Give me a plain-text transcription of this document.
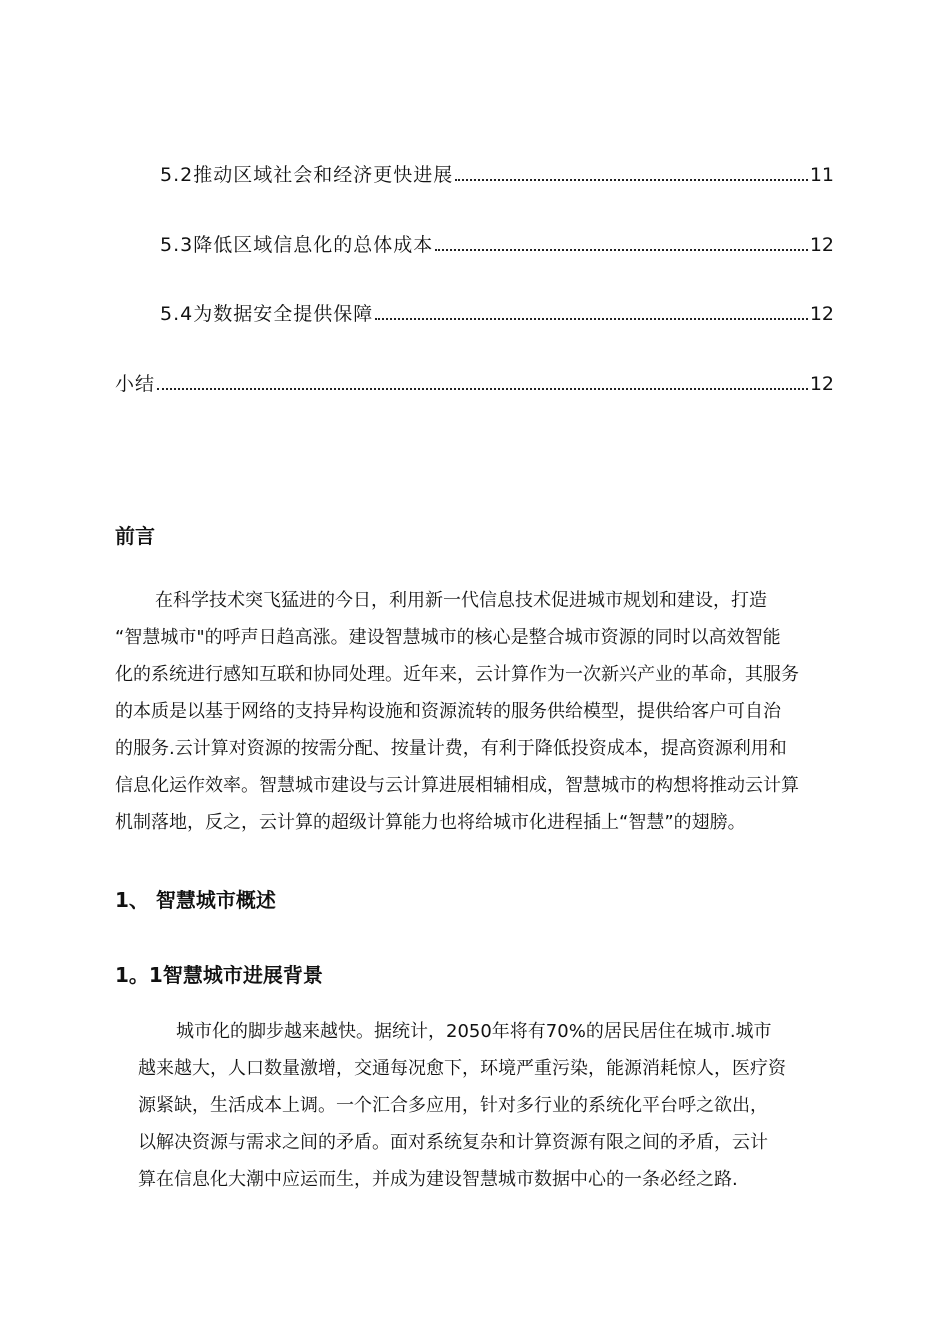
5.2推动区域社会和经济更快进展	11
5.3降低区域信息化的总体成本	12
5.4为数据安全提供保障	12
小结	12
前言
在科学技术突飞猛进的今日，利用新一代信息技术促进城市规划和建设，打造
“智慧城市"的呼声日趋高涨。建设智慧城市的核心是整合城市资源的同时以高效智能
化的系统进行感知互联和协同处理。近年来，云计算作为一次新兴产业的革命，其服务
的本质是以基于网络的支持异构设施和资源流转的服务供给模型，提供给客户可自治
的服务.云计算对资源的按需分配、按量计费，有利于降低投资成本，提高资源利用和
信息化运作效率。智慧城市建设与云计算进展相辅相成，智慧城市的构想将推动云计算
机制落地，反之，云计算的超级计算能力也将给城市化进程插上“智慧”的翅膀。
1、 智慧城市概述
1。1智慧城市进展背景
城市化的脚步越来越快。据统计，2050年将有70%的居民居住在城市.城市
越来越大，人口数量激增，交通每况愈下，环境严重污染，能源消耗惊人，医疗资
源紧缺，生活成本上调。一个汇合多应用，针对多行业的系统化平台呼之欲出，
以解决资源与需求之间的矛盾。面对系统复杂和计算资源有限之间的矛盾，云计
算在信息化大潮中应运而生，并成为建设智慧城市数据中心的一条必经之路.
